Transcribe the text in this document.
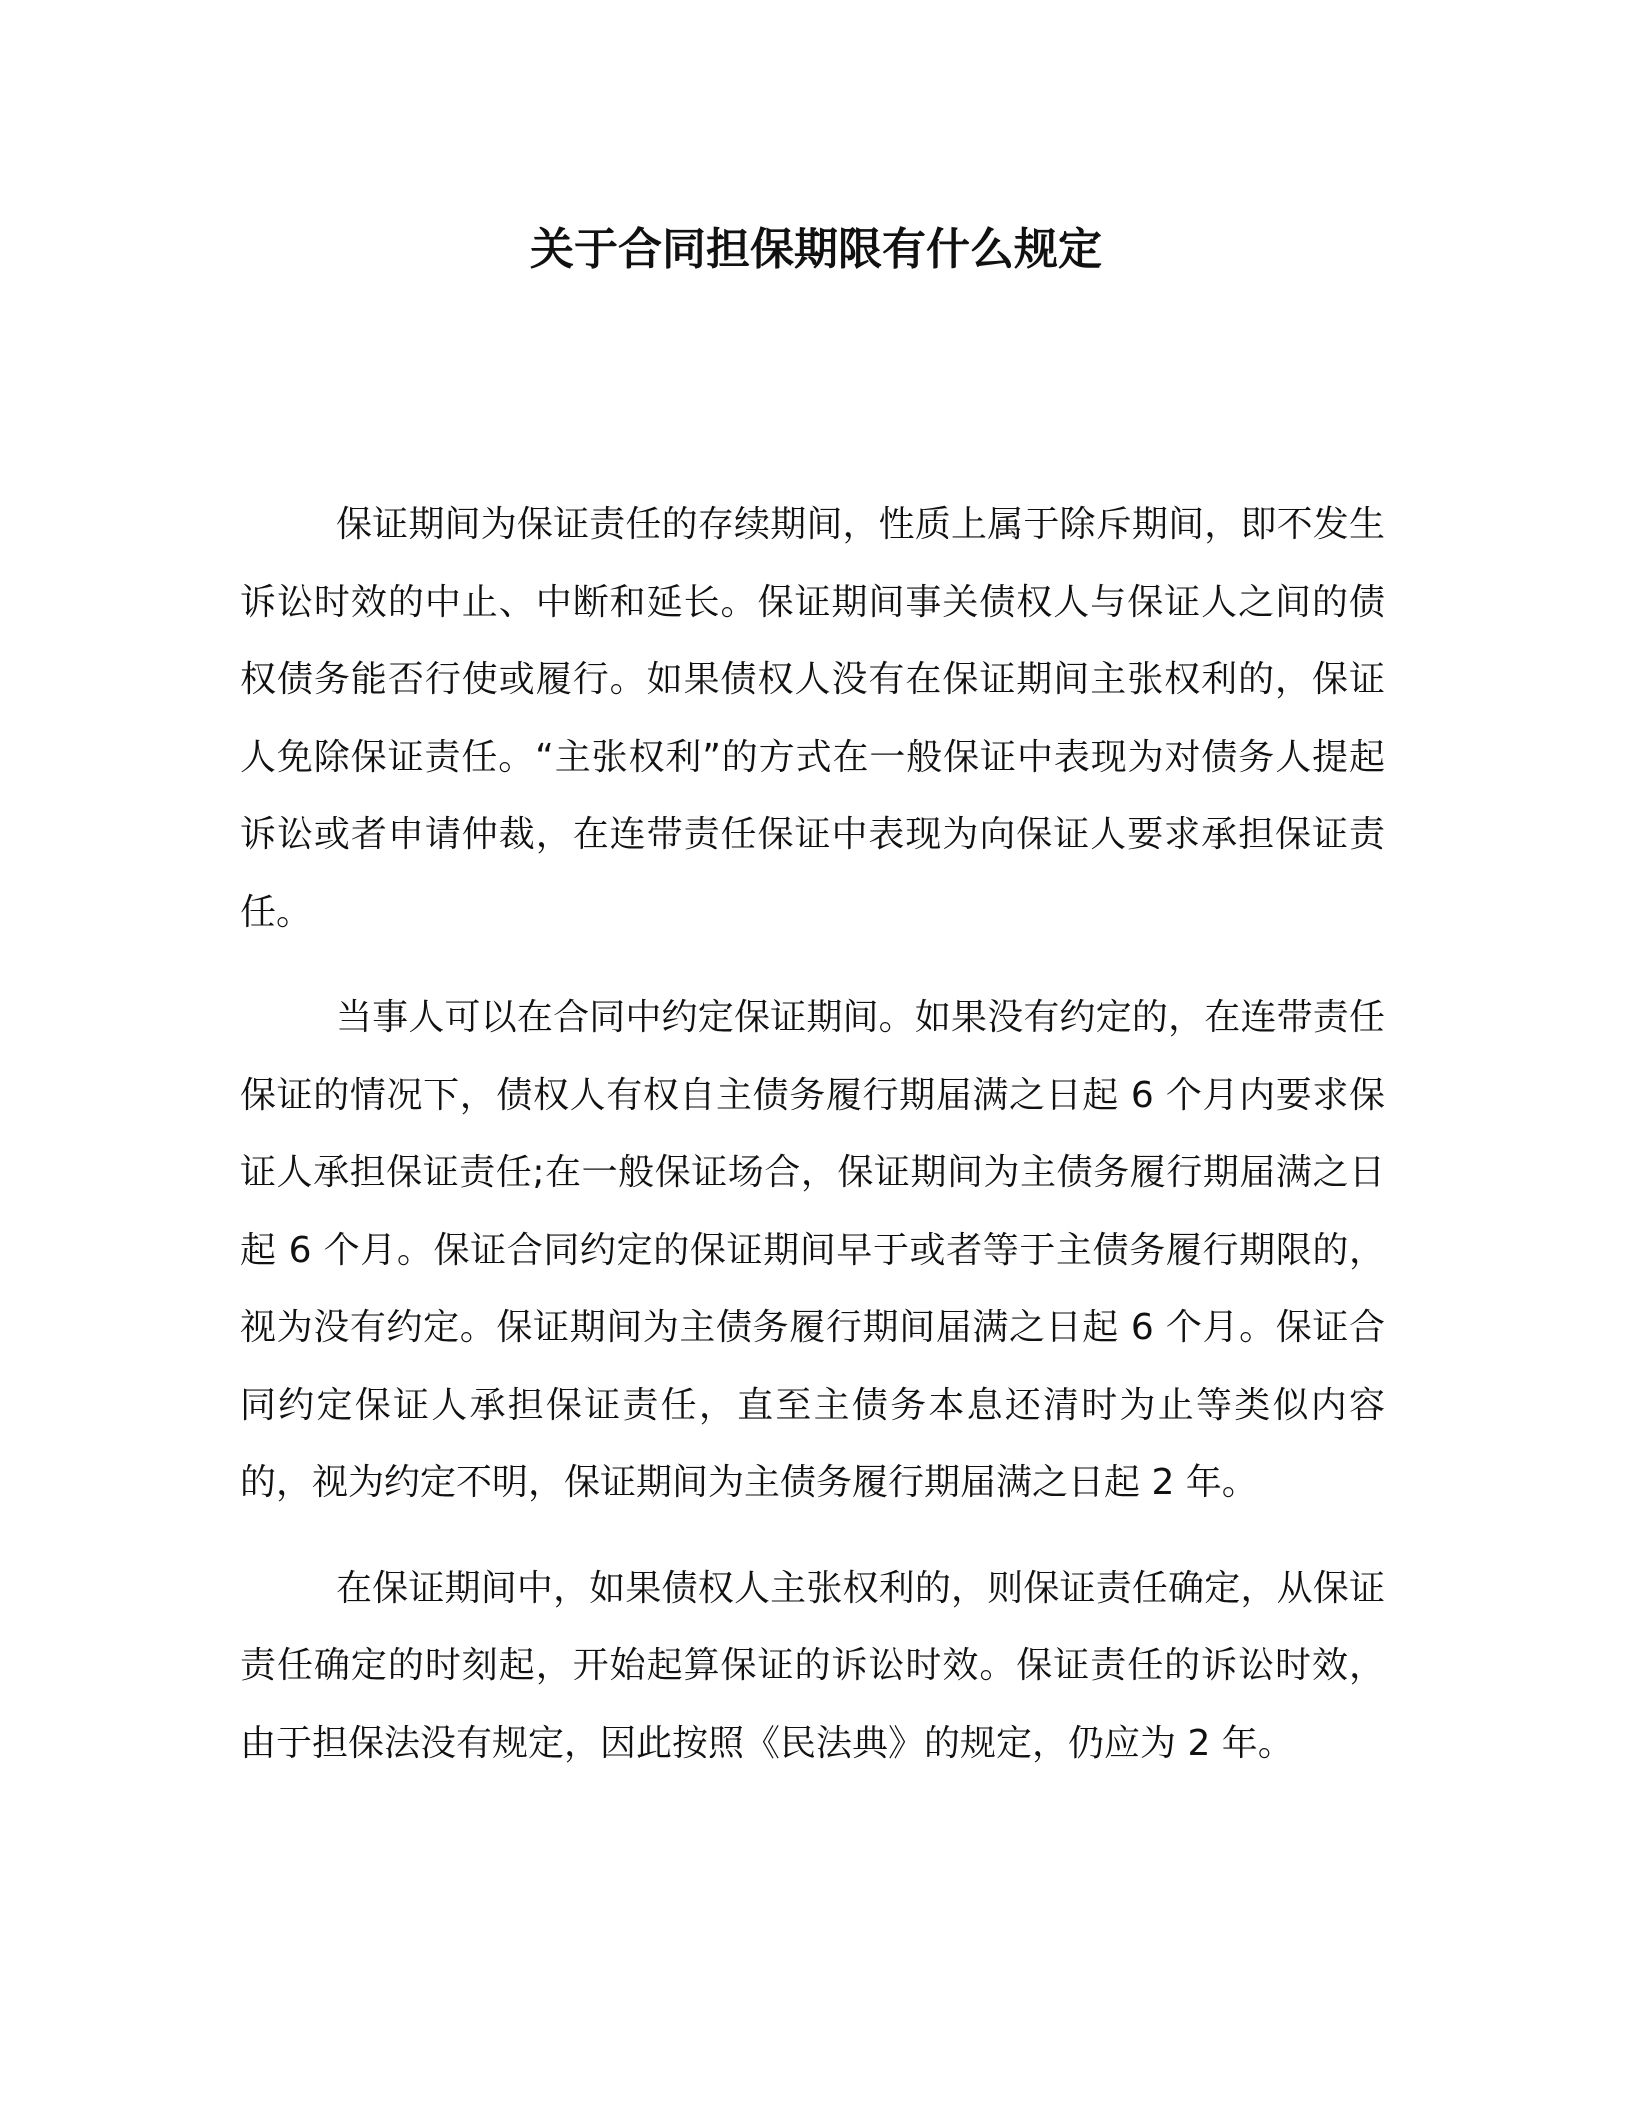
关于合同担保期限有什么规定

保证期间为保证责任的存续期间，性质上属于除斥期间，即不发生诉讼时效的中止、中断和延长。保证期间事关债权人与保证人之间的债权债务能否行使或履行。如果债权人没有在保证期间主张权利的，保证人免除保证责任。“主张权利”的方式在一般保证中表现为对债务人提起诉讼或者申请仲裁，在连带责任保证中表现为向保证人要求承担保证责任。

当事人可以在合同中约定保证期间。如果没有约定的，在连带责任保证的情况下，债权人有权自主债务履行期届满之日起 6 个月内要求保证人承担保证责任;在一般保证场合，保证期间为主债务履行期届满之日起 6 个月。保证合同约定的保证期间早于或者等于主债务履行期限的，视为没有约定。保证期间为主债务履行期间届满之日起 6 个月。保证合同约定保证人承担保证责任，直至主债务本息还清时为止等类似内容的，视为约定不明，保证期间为主债务履行期届满之日起 2 年。

在保证期间中，如果债权人主张权利的，则保证责任确定，从保证责任确定的时刻起，开始起算保证的诉讼时效。保证责任的诉讼时效，由于担保法没有规定，因此按照《民法典》的规定，仍应为 2 年。
